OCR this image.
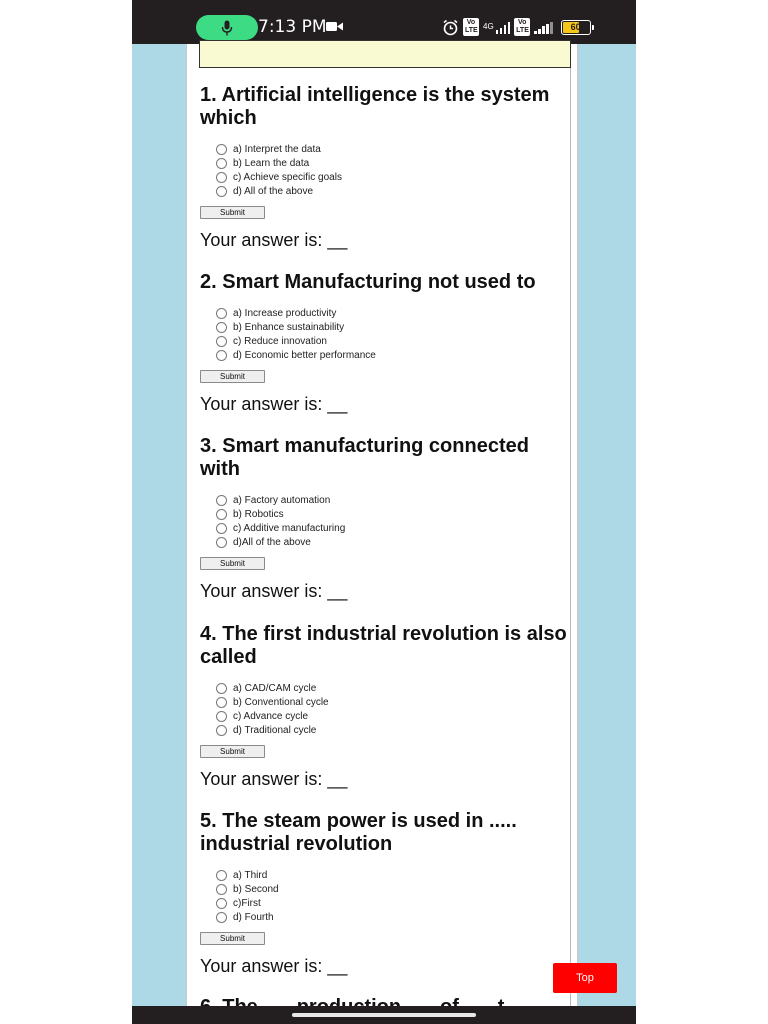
7:13 PM	Vo LTE 4G	Vo LTE	60
1. Artificial intelligence is the system which
a) Interpret the data
b) Learn the data
c) Achieve specific goals
d) All of the above
Submit
Your answer is: __
2. Smart Manufacturing not used to
a) Increase productivity
b) Enhance sustainability
c) Reduce innovation
d) Economic better performance
Submit
Your answer is: __
3. Smart manufacturing connected with
a) Factory automation
b) Robotics
c) Additive manufacturing
d)All of the above
Submit
Your answer is: __
4. The first industrial revolution is also called
a) CAD/CAM cycle
b) Conventional cycle
c) Advance cycle
d) Traditional cycle
Submit
Your answer is: __
5. The steam power is used in ..... industrial revolution
a) Third
b) Second
c)First
d) Fourth
Submit
Your answer is: __
Top
